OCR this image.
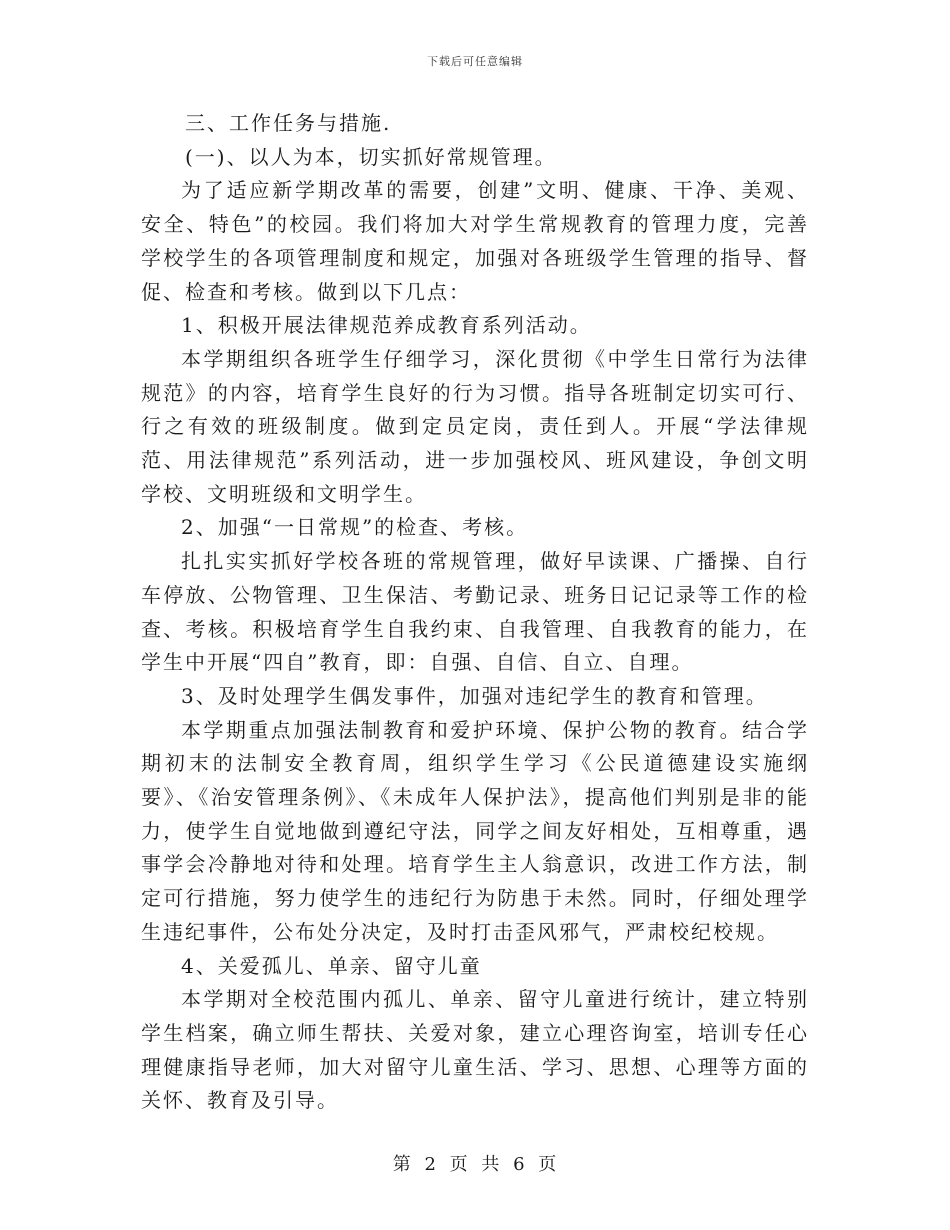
下载后可任意编辑

三、工作任务与措施.

(一)、以人为本，切实抓好常规管理。

为了适应新学期改革的需要，创建”文明、健康、干净、美观、安全、特色”的校园。我们将加大对学生常规教育的管理力度，完善学校学生的各项管理制度和规定，加强对各班级学生管理的指导、督促、检查和考核。做到以下几点：

1、积极开展法律规范养成教育系列活动。

本学期组织各班学生仔细学习，深化贯彻《中学生日常行为法律规范》的内容，培育学生良好的行为习惯。指导各班制定切实可行、行之有效的班级制度。做到定员定岗，责任到人。开展“学法律规范、用法律规范”系列活动，进一步加强校风、班风建设，争创文明学校、文明班级和文明学生。

2、加强“一日常规”的检查、考核。

扎扎实实抓好学校各班的常规管理，做好早读课、广播操、自行车停放、公物管理、卫生保洁、考勤记录、班务日记记录等工作的检查、考核。积极培育学生自我约束、自我管理、自我教育的能力，在学生中开展“四自”教育，即：自强、自信、自立、自理。

3、及时处理学生偶发事件，加强对违纪学生的教育和管理。

本学期重点加强法制教育和爱护环境、保护公物的教育。结合学期初末的法制安全教育周，组织学生学习《公民道德建设实施纲要》、《治安管理条例》、《未成年人保护法》，提高他们判别是非的能力，使学生自觉地做到遵纪守法，同学之间友好相处，互相尊重，遇事学会冷静地对待和处理。培育学生主人翁意识，改进工作方法，制定可行措施，努力使学生的违纪行为防患于未然。同时，仔细处理学生违纪事件，公布处分决定，及时打击歪风邪气，严肃校纪校规。

4、关爱孤儿、单亲、留守儿童

本学期对全校范围内孤儿、单亲、留守儿童进行统计，建立特别学生档案，确立师生帮扶、关爱对象，建立心理咨询室，培训专任心理健康指导老师，加大对留守儿童生活、学习、思想、心理等方面的关怀、教育及引导。

第 2 页 共 6 页
